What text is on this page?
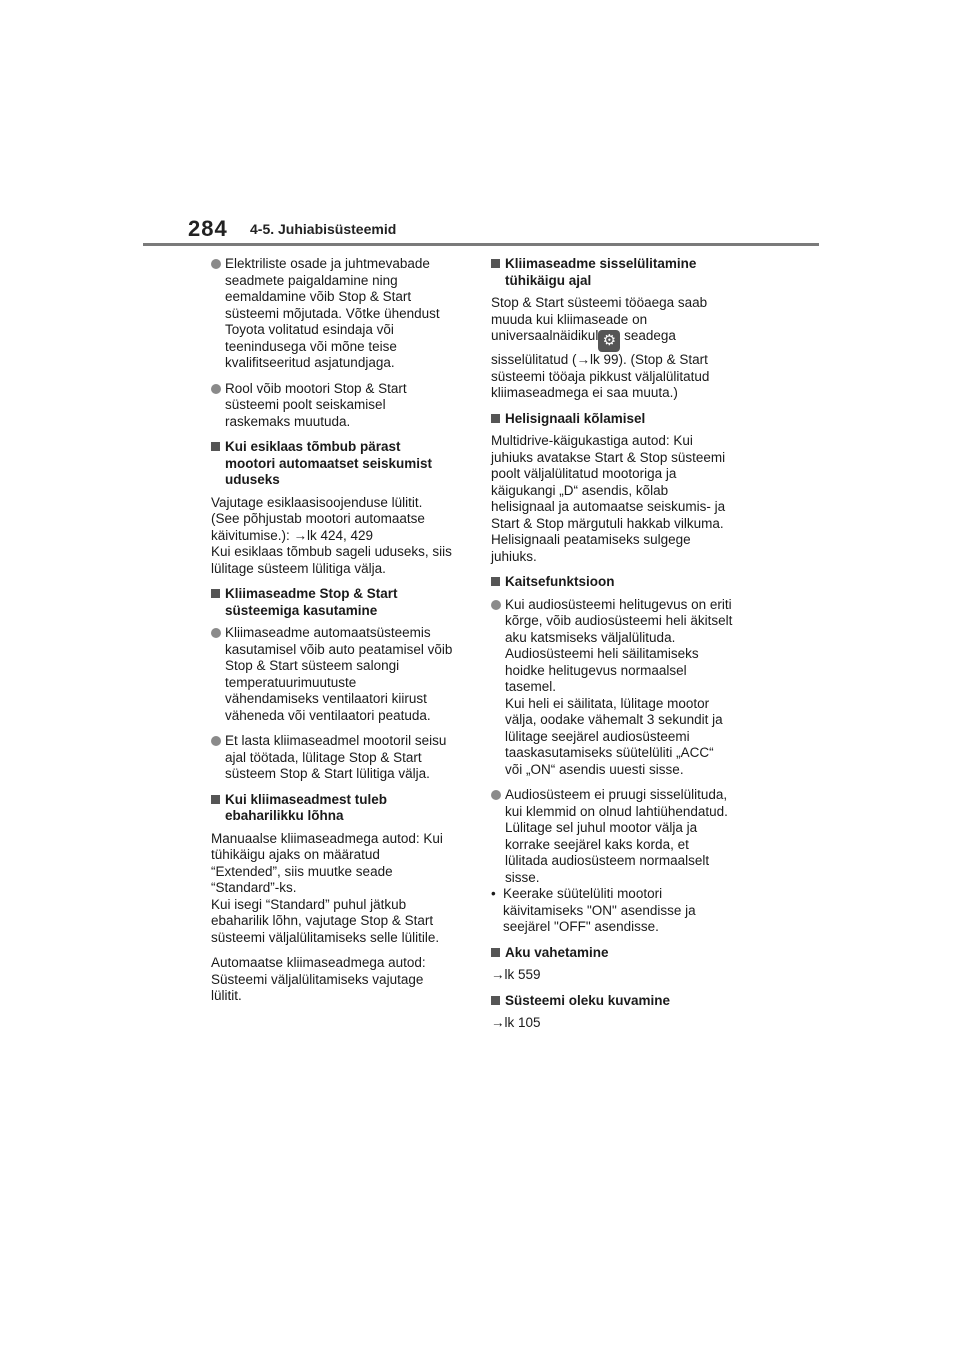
284 4-5. Juhiabisüsteemid
Elektriliste osade ja juhtmevabade
seadmete paigaldamine ning
eemaldamine võib Stop & Start
süsteemi mõjutada. Võtke ühendust
Toyota volitatud esindaja või
teenindusega või mõne teise
kvalifitseeritud asjatundjaga.
Rool võib mootori Stop & Start
süsteemi poolt seiskamisel
raskemaks muutuda.
Kui esiklaas tõmbub pärast
mootori automaatset seiskumist
uduseks
Vajutage esiklaasisoojenduse lülitit.
(See põhjustab mootori automaatse
käivitumise.): →lk 424, 429
Kui esiklaas tõmbub sageli uduseks, siis
lülitage süsteem lülitiga välja.
Kliimaseadme Stop & Start
süsteemiga kasutamine
Kliimaseadme automaatsüsteemis
kasutamisel võib auto peatamisel võib
Stop & Start süsteem salongi
temperatuurimuutuste
vähendamiseks ventilaatori kiirust
väheneda või ventilaatori peatuda.
Et lasta kliimaseadmel mootoril seisu
ajal töötada, lülitage Stop & Start
süsteem Stop & Start lülitiga välja.
Kui kliimaseadmest tuleb
ebaharilikku lõhna
Manuaalse kliimaseadmega autod: Kui
tühikäigu ajaks on määratud
“Extended”, siis muutke seade
“Standard”-ks.
Kui isegi “Standard” puhul jätkub
ebaharilik lõhn, vajutage Stop & Start
süsteemi väljalülitamiseks selle lülitile.
Automaatse kliimaseadmega autod:
Süsteemi väljalülitamiseks vajutage
lülitit.
Kliimaseadme sisselülitamine
tühikäigu ajal
Stop & Start süsteemi tööaega saab
muuda kui kliimaseade on
universaalnäidikul ⚙ seadega
sisselülitatud (→lk 99). (Stop & Start
süsteemi tööaja pikkust väljalülitatud
kliimaseadmega ei saa muuta.)
Helisignaali kõlamisel
Multidrive-käigukastiga autod: Kui
juhiuks avatakse Start & Stop süsteemi
poolt väljalülitatud mootoriga ja
käigukangi „D“ asendis, kõlab
helisignaal ja automaatse seiskumis- ja
Start & Stop märgutuli hakkab vilkuma.
Helisignaali peatamiseks sulgege
juhiuks.
Kaitsefunktsioon
Kui audiosüsteemi helitugevus on eriti
kõrge, võib audiosüsteemi heli äkitselt
aku katsmiseks väljalülituda.
Audiosüsteemi heli säilitamiseks
hoidke helitugevus normaalsel
tasemel.
Kui heli ei säilitata, lülitage mootor
välja, oodake vähemalt 3 sekundit ja
lülitage seejärel audiosüsteemi
taaskasutamiseks süütelüliti „ACC“
või „ON“ asendis uuesti sisse.
Audiosüsteem ei pruugi sisselülituda,
kui klemmid on olnud lahtiühendatud.
Lülitage sel juhul mootor välja ja
korrake seejärel kaks korda, et
lülitada audiosüsteem normaalselt
sisse.
• Keerake süütelüliti mootori
käivitamiseks "ON" asendisse ja
seejärel "OFF" asendisse.
Aku vahetamine
→lk 559
Süsteemi oleku kuvamine
→lk 105
